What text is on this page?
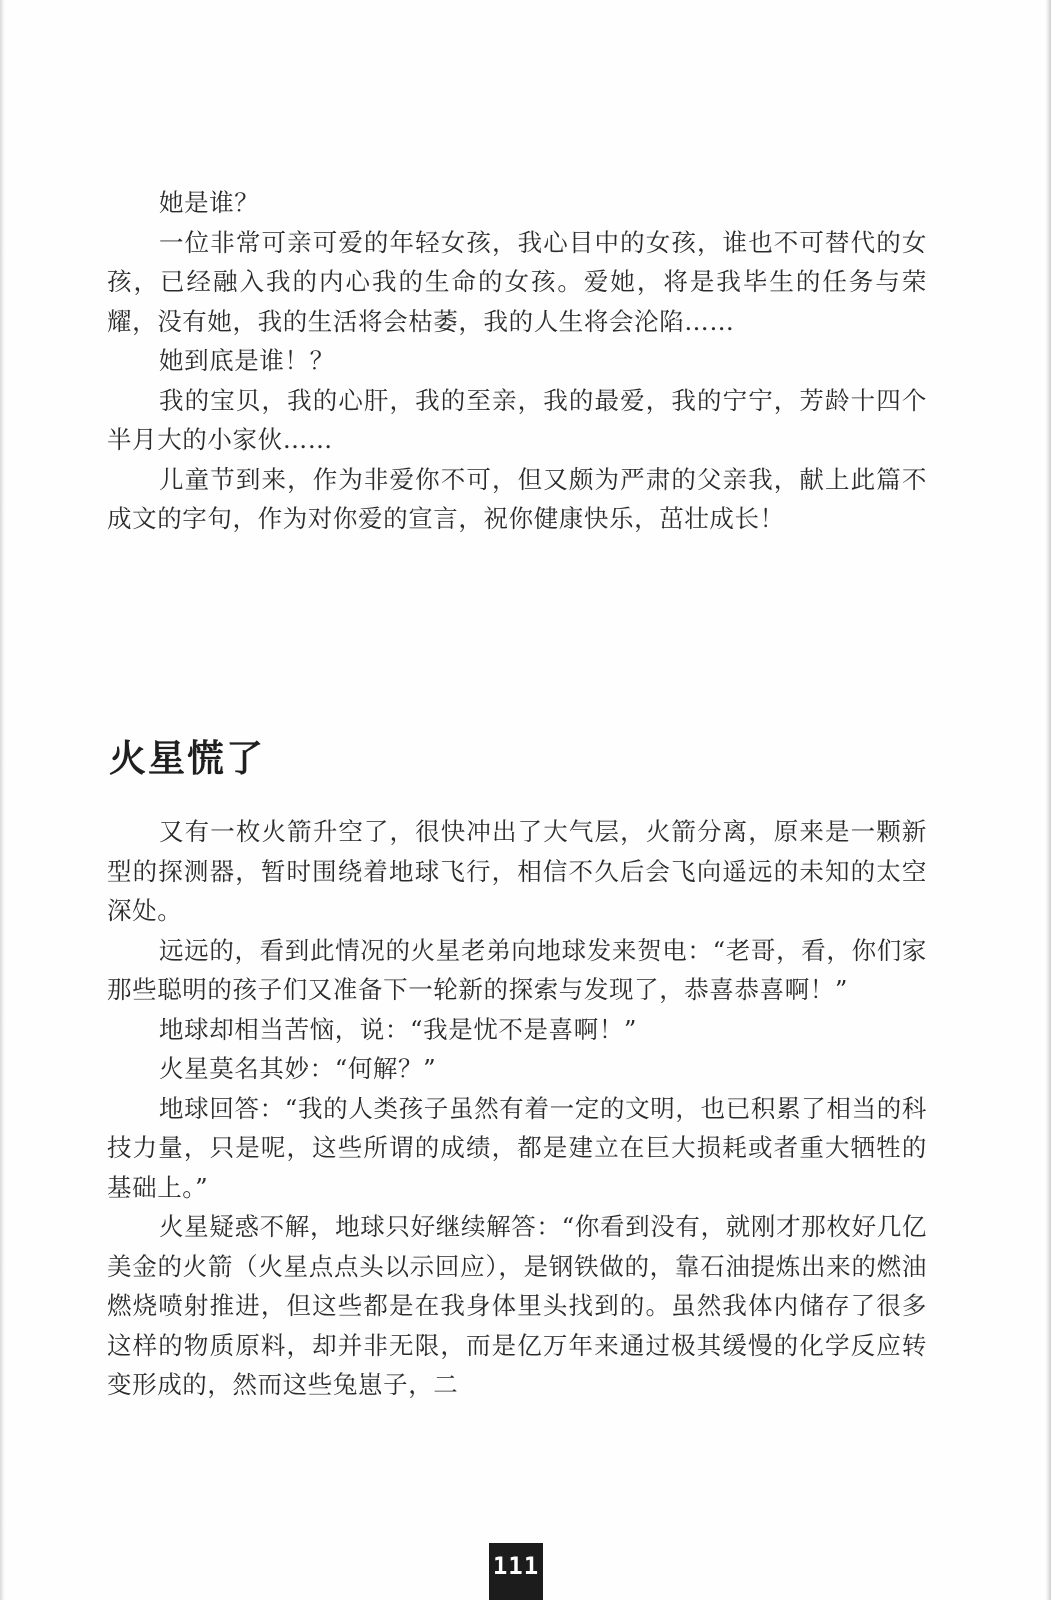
她是谁？

一位非常可亲可爱的年轻女孩，我心目中的女孩，谁也不可替代的女孩，已经融入我的内心我的生命的女孩。爱她，将是我毕生的任务与荣耀，没有她，我的生活将会枯萎，我的人生将会沦陷……

她到底是谁！？

我的宝贝，我的心肝，我的至亲，我的最爱，我的宁宁，芳龄十四个半月大的小家伙……

儿童节到来，作为非爱你不可，但又颇为严肃的父亲我，献上此篇不成文的字句，作为对你爱的宣言，祝你健康快乐，茁壮成长！

火星慌了

又有一枚火箭升空了，很快冲出了大气层，火箭分离，原来是一颗新型的探测器，暂时围绕着地球飞行，相信不久后会飞向遥远的未知的太空深处。

远远的，看到此情况的火星老弟向地球发来贺电：“老哥，看，你们家那些聪明的孩子们又准备下一轮新的探索与发现了，恭喜恭喜啊！”

地球却相当苦恼，说：“我是忧不是喜啊！”

火星莫名其妙：“何解？”

地球回答：“我的人类孩子虽然有着一定的文明，也已积累了相当的科技力量，只是呢，这些所谓的成绩，都是建立在巨大损耗或者重大牺牲的基础上。”

火星疑惑不解，地球只好继续解答：“你看到没有，就刚才那枚好几亿美金的火箭（火星点点头以示回应），是钢铁做的，靠石油提炼出来的燃油燃烧喷射推进，但这些都是在我身体里头找到的。虽然我体内储存了很多这样的物质原料，却并非无限，而是亿万年来通过极其缓慢的化学反应转变形成的，然而这些兔崽子，二

111
